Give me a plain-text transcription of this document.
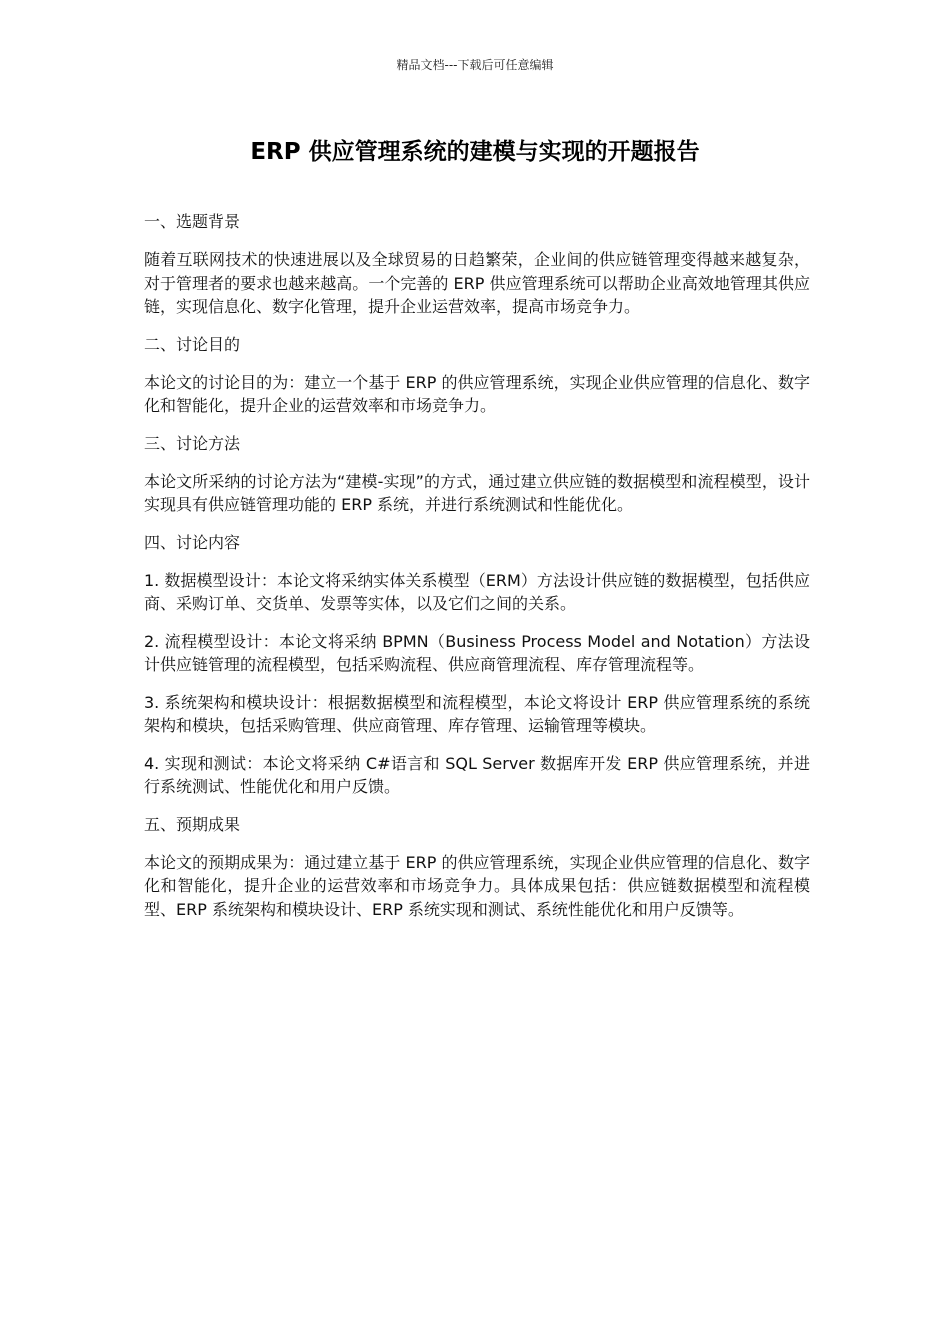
精品文档---下载后可任意编辑
ERP 供应管理系统的建模与实现的开题报告
一、选题背景
随着互联网技术的快速进展以及全球贸易的日趋繁荣，企业间的供应链管理变得越来越复杂，对于管理者的要求也越来越高。一个完善的 ERP 供应管理系统可以帮助企业高效地管理其供应链，实现信息化、数字化管理，提升企业运营效率，提高市场竞争力。
二、讨论目的
本论文的讨论目的为：建立一个基于 ERP 的供应管理系统，实现企业供应管理的信息化、数字化和智能化，提升企业的运营效率和市场竞争力。
三、讨论方法
本论文所采纳的讨论方法为“建模-实现”的方式，通过建立供应链的数据模型和流程模型，设计实现具有供应链管理功能的 ERP 系统，并进行系统测试和性能优化。
四、讨论内容
1. 数据模型设计：本论文将采纳实体关系模型（ERM）方法设计供应链的数据模型，包括供应商、采购订单、交货单、发票等实体，以及它们之间的关系。
2. 流程模型设计：本论文将采纳 BPMN（Business Process Model and Notation）方法设计供应链管理的流程模型，包括采购流程、供应商管理流程、库存管理流程等。
3. 系统架构和模块设计：根据数据模型和流程模型，本论文将设计 ERP 供应管理系统的系统架构和模块，包括采购管理、供应商管理、库存管理、运输管理等模块。
4. 实现和测试：本论文将采纳 C#语言和 SQL Server 数据库开发 ERP 供应管理系统，并进行系统测试、性能优化和用户反馈。
五、预期成果
本论文的预期成果为：通过建立基于 ERP 的供应管理系统，实现企业供应管理的信息化、数字化和智能化，提升企业的运营效率和市场竞争力。具体成果包括：供应链数据模型和流程模型、ERP 系统架构和模块设计、ERP 系统实现和测试、系统性能优化和用户反馈等。
